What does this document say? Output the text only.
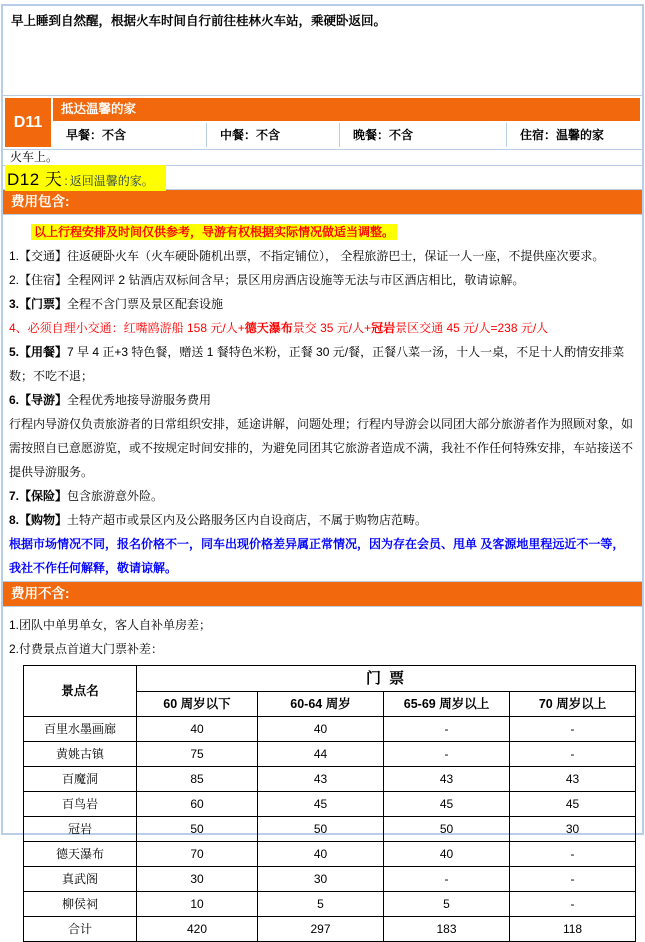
早上睡到自然醒，根据火车时间自行前往桂林火车站，乘硬卧返回。
D11
抵达温馨的家
早餐：不含	中餐：不含	晚餐：不含	住宿：温馨的家
火车上。
D12 天 : 返回温馨的家。
费用包含:

以上行程安排及时间仅供参考，导游有权根据实际情况做适当调整。

1.【交通】往返硬卧火车（火车硬卧随机出票，不指定铺位）， 全程旅游巴士，保证一人一座，不提供座次要求。

2.【住宿】全程网评 2 钻酒店双标间含早；景区用房酒店设施等无法与市区酒店相比，敬请谅解。

3.【门票】全程不含门票及景区配套设施

4、必须自理小交通：红嘴鸥游船 158 元/人+德天瀑布景交 35 元/人+冠岩景区交通 45 元/人=238 元/人

5.【用餐】7 早 4 正+3 特色餐，赠送 1 餐特色米粉，正餐 30 元/餐，正餐八菜一汤，十人一桌，不足十人酌情安排菜数；不吃不退；

6.【导游】全程优秀地接导游服务费用

行程内导游仅负责旅游者的日常组织安排，延途讲解，问题处理；行程内导游会以同团大部分旅游者作为照顾对象，如需按照自已意愿游览，或不按规定时间安排的，为避免同团其它旅游者造成不满，我社不作任何特殊安排，车站接送不提供导游服务。

7.【保险】包含旅游意外险。

8.【购物】土特产超市或景区内及公路服务区内自设商店，不属于购物店范畴。

根据市场情况不同，报名价格不一，同车出现价格差异属正常情况，因为存在会员、甩单 及客源地里程远近不一等，我社不作任何解释，敬请谅解。

费用不含:

1.团队中单男单女，客人自补单房差；

2.付费景点首道大门票补差：

景点名	门 票			
	60 周岁以下	60-64 周岁	65-69 周岁以上	70 周岁以上
百里水墨画廊	40	40	-	-
黄姚古镇	75	44	-	-
百魔洞	85	43	43	43
百鸟岩	60	45	45	45
冠岩	50	50	50	30
德天瀑布	70	40	40	-
真武阁	30	30	-	-
柳侯祠	10	5	5	-
合计	420	297	183	118
